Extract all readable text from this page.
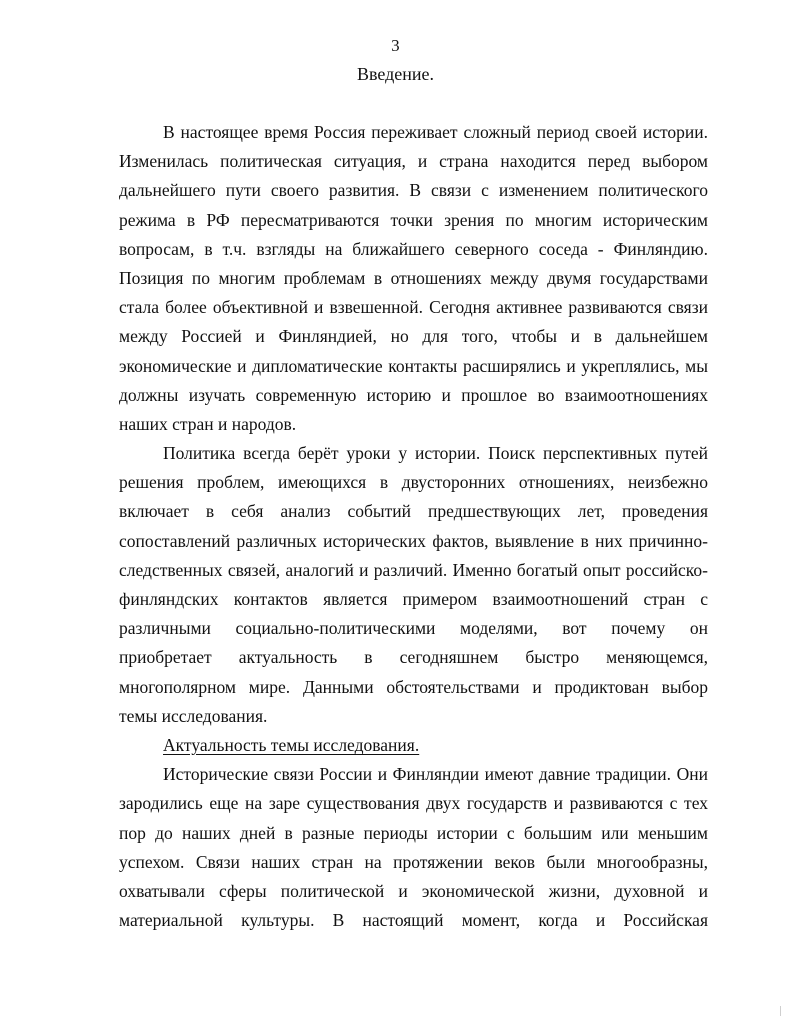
3
Введение.
В настоящее время Россия переживает сложный период своей истории.
Изменилась политическая ситуация, и страна находится перед выбором
дальнейшего пути своего развития. В связи с изменением политического
режима в РФ пересматриваются точки зрения по многим историческим
вопросам, в т.ч. взгляды на ближайшего северного соседа - Финляндию.
Позиция по многим проблемам в отношениях между двумя государствами
стала более объективной и взвешенной. Сегодня активнее развиваются связи
между Россией и Финляндией, но для того, чтобы и в дальнейшем
экономические и дипломатические контакты расширялись и укреплялись, мы
должны изучать современную историю и прошлое во взаимоотношениях
наших стран и народов.
Политика всегда берёт уроки у истории. Поиск перспективных путей
решения проблем, имеющихся в двусторонних отношениях, неизбежно
включает в себя анализ событий предшествующих лет, проведения
сопоставлений различных исторических фактов, выявление в них причинно-
следственных связей, аналогий и различий. Именно богатый опыт российско-
финляндских контактов является примером взаимоотношений стран с
различными социально-политическими моделями, вот почему он
приобретает актуальность в сегодняшнем быстро меняющемся,
многополярном мире. Данными обстоятельствами и продиктован выбор
темы исследования.
Актуальность темы исследования.
Исторические связи России и Финляндии имеют давние традиции. Они
зародились еще на заре существования двух государств и развиваются с тех
пор до наших дней в разные периоды истории с большим или меньшим
успехом. Связи наших стран на протяжении веков были многообразны,
охватывали сферы политической и экономической жизни, духовной и
материальной культуры. В настоящий момент, когда и Российская
